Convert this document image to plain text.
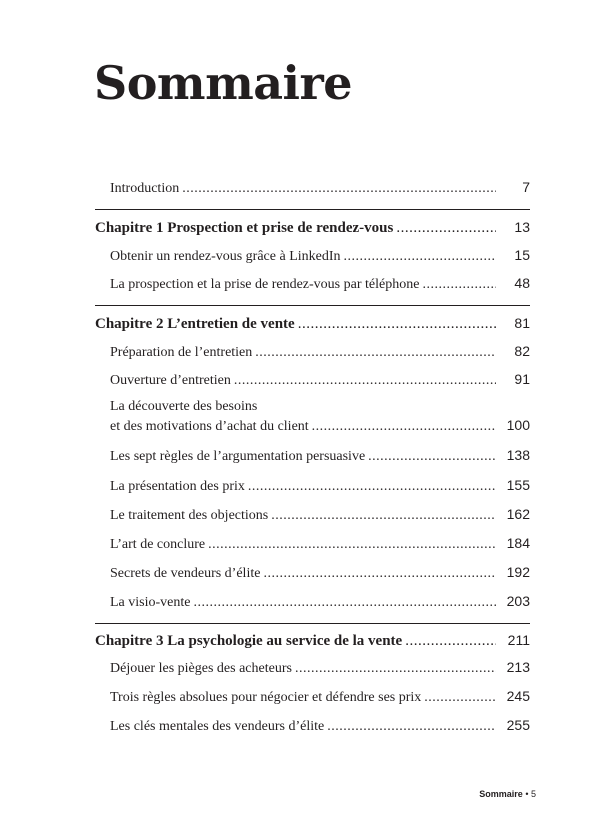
Sommaire
Introduction .....	7
Chapitre 1 Prospection et prise de rendez-vous .....	13
Obtenir un rendez-vous grâce à LinkedIn .....	15
La prospection et la prise de rendez-vous par téléphone .....	48
Chapitre 2 L’entretien de vente .....	81
Préparation de l’entretien .....	82
Ouverture d’entretien .....	91
La découverte des besoins
et des motivations d’achat du client .....	100
Les sept règles de l’argumentation persuasive .....	138
La présentation des prix .....	155
Le traitement des objections .....	162
L’art de conclure .....	184
Secrets de vendeurs d’élite .....	192
La visio-vente .....	203
Chapitre 3 La psychologie au service de la vente .....	211
Déjouer les pièges des acheteurs .....	213
Trois règles absolues pour négocier et défendre ses prix .....	245
Les clés mentales des vendeurs d’élite .....	255
Sommaire • 5
